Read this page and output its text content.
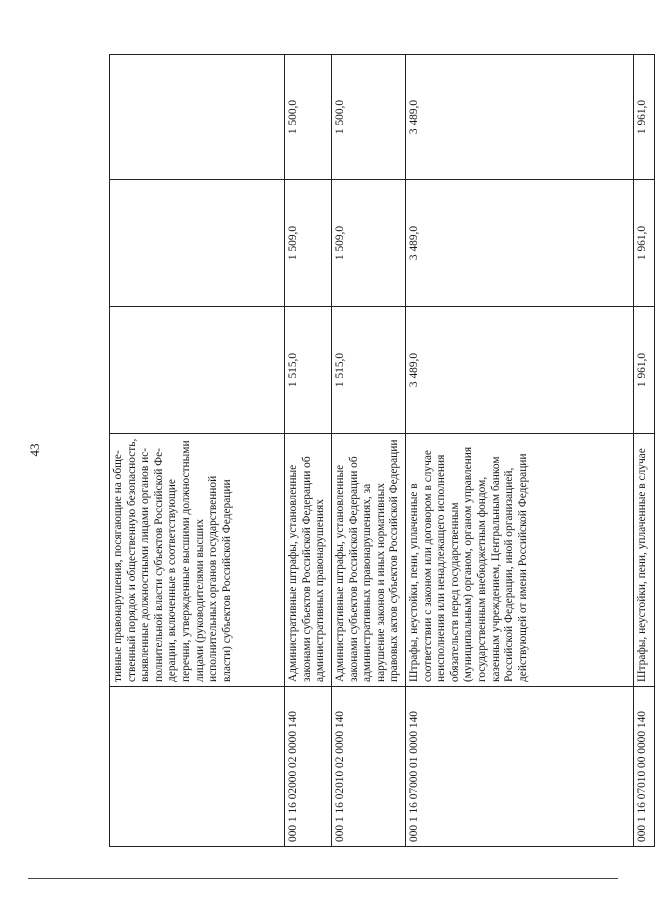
43
	тивные правонарушения, посягающие на обще-ственный порядок и общественную безопасность, выявленные должностными лицами органов ис-полнительной власти субъектов Российской Фе-дерации, включенные в соответствующие перечни, утвержденные высшими должностными лицами (руководителями высших исполнительных органов государственной власти) субъектов Российской Федерации			
000 1 16 02000 02 0000 140	Административные штрафы, установленные законами субъектов Российской Федерации об административных правонарушениях	1 515,0	1 509,0	1 500,0
000 1 16 02010 02 0000 140	Административные штрафы, установленные законами субъектов Российской Федерации об административных правонарушениях, за нарушение законов и иных нормативных правовых актов субъектов Российской Федерации	1 515,0	1 509,0	1 500,0
000 1 16 07000 01 0000 140	Штрафы, неустойки, пени, уплаченные в соответствии с законом или договором в случае неисполнения или ненадлежащего исполнения обязательств перед государственным (муниципальным) органом, органом управления государственным внебюджетным фондом, казенным учреждением, Центральным банком Российской Федерации, иной организацией, действующей от имени Российской Федерации	3 489,0	3 489,0	3 489,0
000 1 16 07010 00 0000 140	Штрафы, неустойки, пени, уплаченные в случае	1 961,0	1 961,0	1 961,0
